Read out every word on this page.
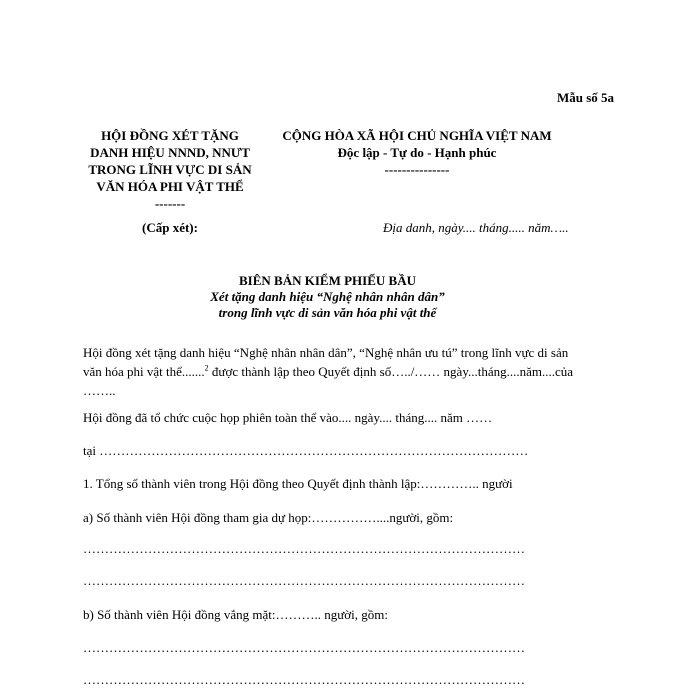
Mẫu số 5a
HỘI ĐỒNG XÉT TẶNG
DANH HIỆU NNND, NNƯT
TRONG LĨNH VỰC DI SẢN
VĂN HÓA PHI VẬT THỂ
-------
CỘNG HÒA XÃ HỘI CHỦ NGHĨA VIỆT NAM
Độc lập - Tự do - Hạnh phúc
---------------
(Cấp xét):	Địa danh, ngày.... tháng..... năm…..
BIÊN BẢN KIỂM PHIẾU BẦU
Xét tặng danh hiệu “Nghệ nhân nhân dân”
trong lĩnh vực di sản văn hóa phi vật thể
Hội đồng xét tặng danh hiệu “Nghệ nhân nhân dân”, “Nghệ nhân ưu tú” trong lĩnh vực di sản
văn hóa phi vật thể.......$^2$ được thành lập theo Quyết định số…../…… ngày...tháng....năm....của
……..
Hội đồng đã tổ chức cuộc họp phiên toàn thể vào.... ngày.... tháng.... năm ……
tại ………………………………………………………………………………………
1. Tổng số thành viên trong Hội đồng theo Quyết định thành lập:………….. người
a) Số thành viên Hội đồng tham gia dự họp:……………....người, gồm:
…………………………………………………………………………………………
…………………………………………………………………………………………
b) Số thành viên Hội đồng vắng mặt:……….. người, gồm:
…………………………………………………………………………………………
…………………………………………………………………………………………
